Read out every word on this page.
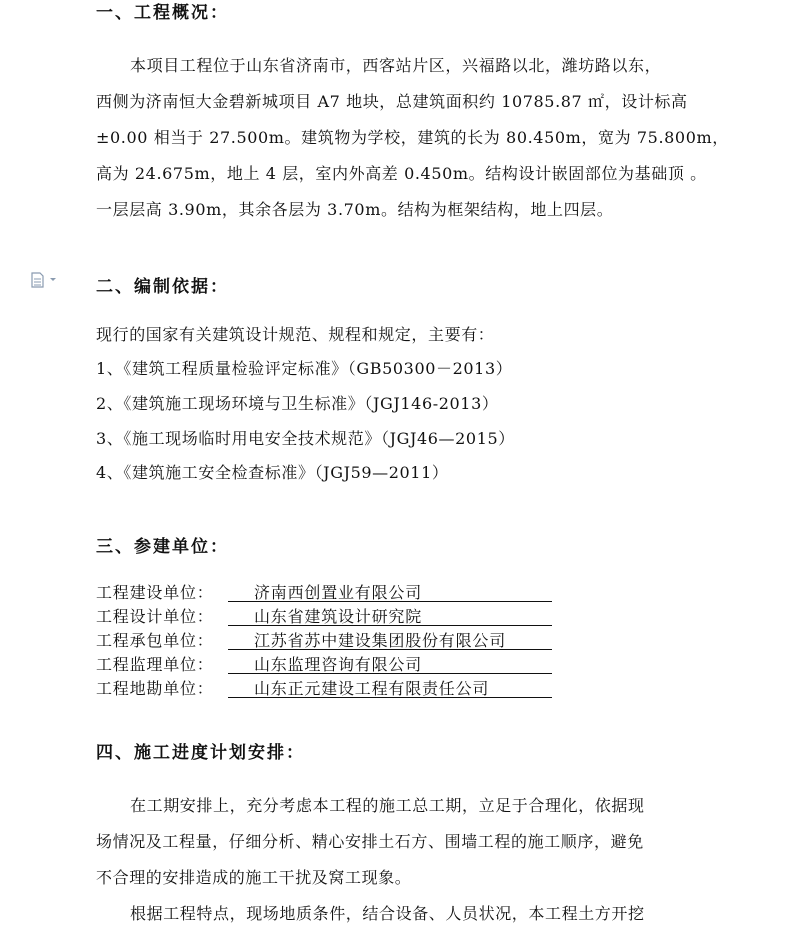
一、工程概况：
本项目工程位于山东省济南市，西客站片区，兴福路以北，潍坊路以东，
西侧为济南恒大金碧新城项目 A7 地块，总建筑面积约 10785.87 ㎡，设计标高
±0.00 相当于 27.500m。建筑物为学校，建筑的长为 80.450m，宽为 75.800m，
高为 24.675m，地上 4 层，室内外高差 0.450m。结构设计嵌固部位为基础顶 。
一层层高 3.90m，其余各层为 3.70m。结构为框架结构，地上四层。
二、编制依据：
现行的国家有关建筑设计规范、规程和规定，主要有：
1、《建筑工程质量检验评定标准》（GB50300－2013）
2、《建筑施工现场环境与卫生标准》（JGJ146-2013）
3、《施工现场临时用电安全技术规范》（JGJ46—2015）
4、《建筑施工安全检查标准》（JGJ59—2011）
三、参建单位：
工程建设单位：	济南西创置业有限公司
工程设计单位：	山东省建筑设计研究院
工程承包单位：	江苏省苏中建设集团股份有限公司
工程监理单位：	山东监理咨询有限公司
工程地勘单位：	山东正元建设工程有限责任公司
四、施工进度计划安排：
在工期安排上，充分考虑本工程的施工总工期，立足于合理化，依据现
场情况及工程量，仔细分析、精心安排土石方、围墙工程的施工顺序，避免
不合理的安排造成的施工干扰及窝工现象。
根据工程特点，现场地质条件，结合设备、人员状况，本工程土方开挖
